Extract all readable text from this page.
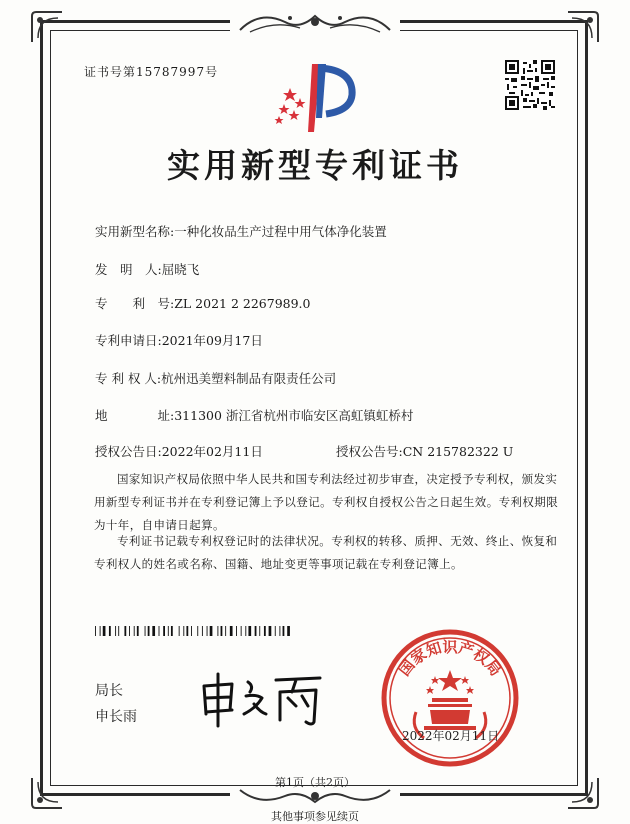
证书号第15787997号
实用新型专利证书
实用新型名称:一种化妆品生产过程中用气体净化装置
发　明　人:屈晓飞
专　　利　号:ZL 2021 2 2267989.0
专利申请日:2021年09月17日
专 利 权 人:杭州迅美塑料制品有限责任公司
地　　　　址:311300 浙江省杭州市临安区高虹镇虹桥村
授权公告日:2022年02月11日	授权公告号:CN 215782322 U
国家知识产权局依照中华人民共和国专利法经过初步审查，决定授予专利权，颁发实用新型专利证书并在专利登记簿上予以登记。专利权自授权公告之日起生效。专利权期限为十年，自申请日起算。
专利证书记载专利权登记时的法律状况。专利权的转移、质押、无效、终止、恢复和专利权人的姓名或名称、国籍、地址变更等事项记载在专利登记簿上。
局长
申长雨
国家知识产权局
2022年02月11日
第1页（共2页）
其他事项参见续页
